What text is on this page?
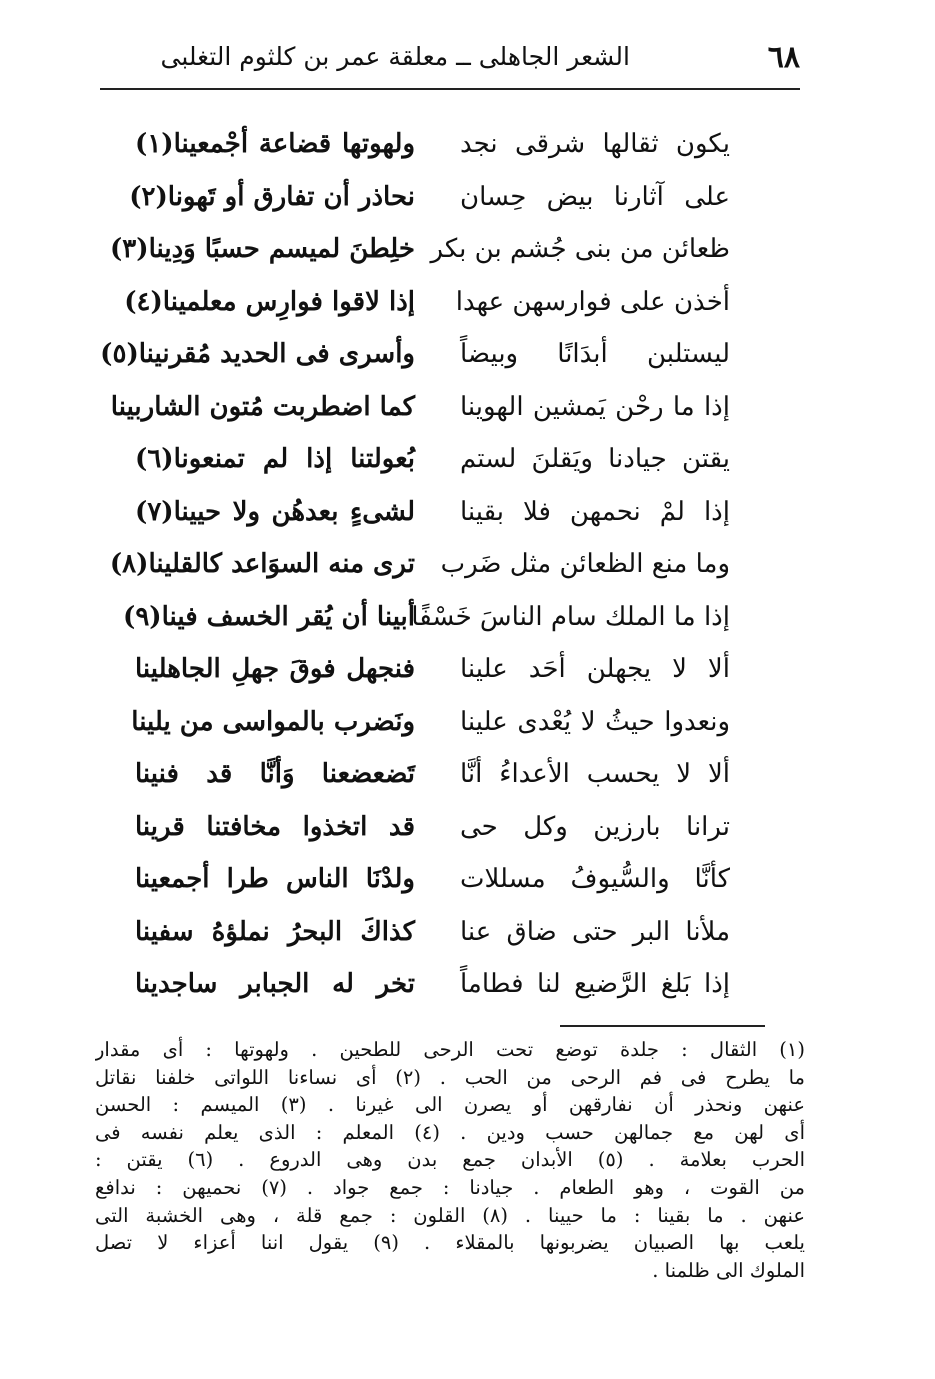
٦٨
الشعر الجاهلى ــ معلقة عمر بن كلثوم التغلبى
يكون ثقالها شرقى نجد
ولهوتها قضاعة أجْمعينا(١)
على آثارنا بيض حِسان
نحاذر أن تفارق أو تَهونا(٢)
ظعائن من بنى جُشم بن بكر
خلِطنَ لميسم حسبًا وَدِينا(٣)
أخذن على فوارسهن عهدا
إذا لاقوا فوارِس معلمينا(٤)
ليستلبن أبدَانًا وبيضاً
وأسرى فى الحديد مُقرنينا(٥)
إذا ما رحْن يَمشين الهوينا
كما اضطربت مُتون الشاربينا
يقتن جيادنا ويَقلنَ لستم
بُعولتنا إذا لم تمنعونا(٦)
إذا لمْ نحمهن فلا بقينا
لشىءٍ بعدهُن ولا حيينا(٧)
وما منع الظعائن مثل ضَرب
ترى منه السوَاعد كالقلينا(٨)
إذا ما الملك سام الناسَ خَسْفًا
أبينا أن يُقر الخسف فينا(٩)
ألا لا يجهلن أحَد علينا
فنجهل فوقَ جهلِ الجاهلينا
ونعدوا حيثُ لا يُعْدى علينا
ونَضرب بالمواسى من يلينا
ألا لا يحسب الأعداءُ أنَّا
تَضعضعنا وَأنَّا قد فنينا
ترانا بارزين وكل حى
قد اتخذوا مخافتنا قرينا
كأنَّا والسُّيوفُ مسللات
ولدْنَا الناس طرا أجمعينا
ملأنا البر حتى ضاق عنا
كذاكَ البحرُ نملؤهُ سفينا
إذا بَلغ الرَّضيع لنا فطاماً
تخر له الجبابر ساجدينا
(١) الثقال : جلدة توضع تحت الرحى للطحين . ولهوتها : أى مقدار
ما يطرح فى فم الرحى من الحب . (٢) أى نساءنا اللواتى خلفنا نقاتل
عنهن ونحذر أن نفارقهن أو يصرن الى غيرنا . (٣) الميسم : الحسن
أى لهن مع جمالهن حسب ودين . (٤) المعلم : الذى يعلم نفسه فى
الحرب بعلامة . (٥) الأبدان جمع بدن وهى الدروع . (٦) يقتن :
من القوت ، وهو الطعام . جيادنا : جمع جواد . (٧) نحميهن : ندافع
عنهن . ما بقينا : ما حيينا . (٨) القلون : جمع قلة ، وهى الخشبة التى
يلعب بها الصبيان يضربونها بالمقلاء . (٩) يقول اننا أعزاء لا تصل
الملوك الى ظلمنا .
